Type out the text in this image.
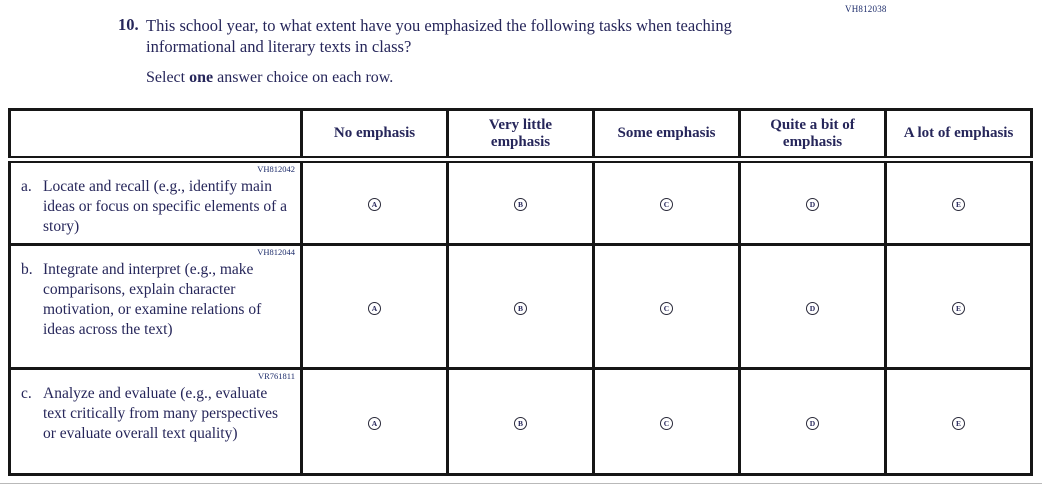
VH812038
10. This school year, to what extent have you emphasized the following tasks when teaching informational and literary texts in class?
Select one answer choice on each row.

	No emphasis	Very little emphasis	Some emphasis	Quite a bit of emphasis	A lot of emphasis

VH812042
a. Locate and recall (e.g., identify main ideas or focus on specific elements of a story)	A	B	C	D	E

VH812044
b. Integrate and interpret (e.g., make comparisons, explain character motivation, or examine relations of ideas across the text)	A	B	C	D	E

VR761811
c. Analyze and evaluate (e.g., evaluate text critically from many perspectives or evaluate overall text quality)	A	B	C	D	E
